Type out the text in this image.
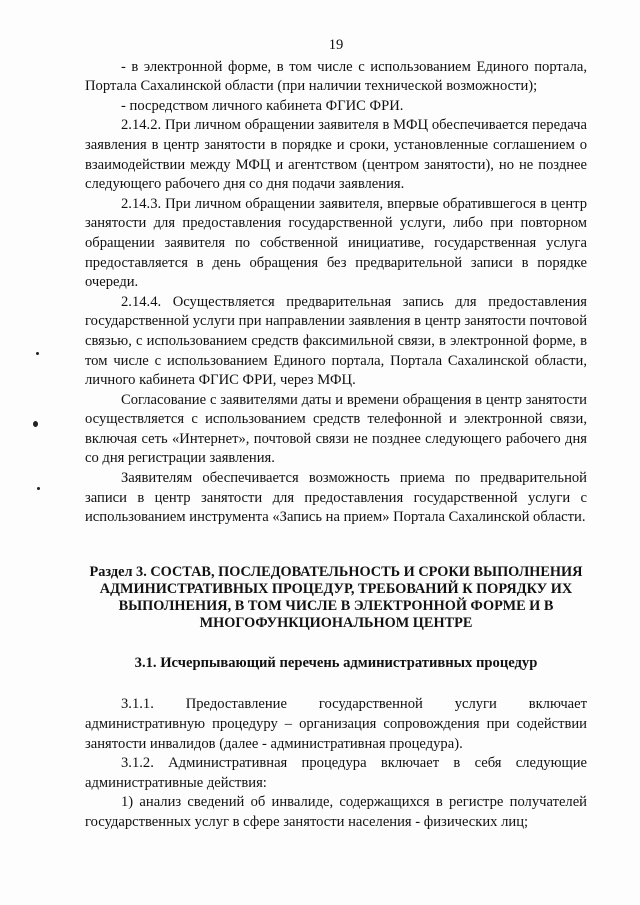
19

- в электронной форме, в том числе с использованием Единого портала, Портала Сахалинской области (при наличии технической возможности);

- посредством личного кабинета ФГИС ФРИ.

2.14.2. При личном обращении заявителя в МФЦ обеспечивается передача заявления в центр занятости в порядке и сроки, установленные соглашением о взаимодействии между МФЦ и агентством (центром занятости), но не позднее следующего рабочего дня со дня подачи заявления.

2.14.3. При личном обращении заявителя, впервые обратившегося в центр занятости для предоставления государственной услуги, либо при повторном обращении заявителя по собственной инициативе, государственная услуга предоставляется в день обращения без предварительной записи в порядке очереди.

2.14.4. Осуществляется предварительная запись для предоставления государственной услуги при направлении заявления в центр занятости почтовой связью, с использованием средств факсимильной связи, в электронной форме, в том числе с использованием Единого портала, Портала Сахалинской области, личного кабинета ФГИС ФРИ, через МФЦ.

Согласование с заявителями даты и времени обращения в центр занятости осуществляется с использованием средств телефонной и электронной связи, включая сеть «Интернет», почтовой связи не позднее следующего рабочего дня со дня регистрации заявления.

Заявителям обеспечивается возможность приема по предварительной записи в центр занятости для предоставления государственной услуги с использованием инструмента «Запись на прием» Портала Сахалинской области.

Раздел 3. СОСТАВ, ПОСЛЕДОВАТЕЛЬНОСТЬ И СРОКИ ВЫПОЛНЕНИЯ АДМИНИСТРАТИВНЫХ ПРОЦЕДУР, ТРЕБОВАНИЙ К ПОРЯДКУ ИХ ВЫПОЛНЕНИЯ, В ТОМ ЧИСЛЕ В ЭЛЕКТРОННОЙ ФОРМЕ И В МНОГОФУНКЦИОНАЛЬНОМ ЦЕНТРЕ
3.1. Исчерпывающий перечень административных процедур

3.1.1. Предоставление государственной услуги включает административную процедуру – организация сопровождения при содействии занятости инвалидов (далее - административная процедура).

3.1.2. Административная процедура включает в себя следующие административные действия:

1) анализ сведений об инвалиде, содержащихся в регистре получателей государственных услуг в сфере занятости населения - физических лиц;
